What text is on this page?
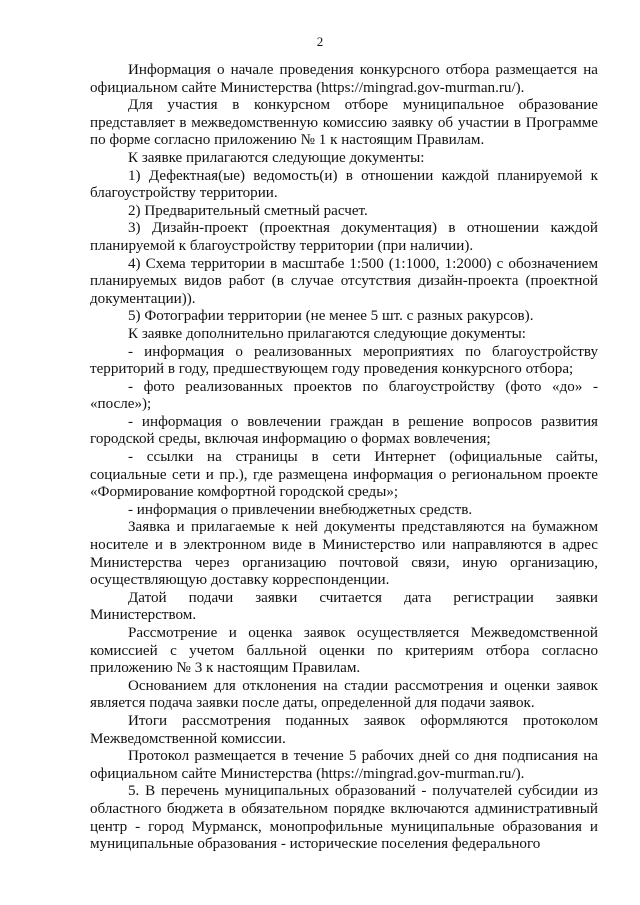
2

Информация о начале проведения конкурсного отбора размещается на официальном сайте Министерства (https://mingrad.gov-murman.ru/).

Для участия в конкурсном отборе муниципальное образование представляет в межведомственную комиссию заявку об участии в Программе по форме согласно приложению № 1 к настоящим Правилам.

К заявке прилагаются следующие документы:

1) Дефектная(ые) ведомость(и) в отношении каждой планируемой к благоустройству территории.

2) Предварительный сметный расчет.

3) Дизайн-проект (проектная документация) в отношении каждой планируемой к благоустройству территории (при наличии).

4) Схема территории в масштабе 1:500 (1:1000, 1:2000) с обозначением планируемых видов работ (в случае отсутствия дизайн-проекта (проектной документации)).

5) Фотографии территории (не менее 5 шт. с разных ракурсов).

К заявке дополнительно прилагаются следующие документы:

- информация о реализованных мероприятиях по благоустройству территорий в году, предшествующем году проведения конкурсного отбора;

- фото реализованных проектов по благоустройству (фото «до» - «после»);

- информация о вовлечении граждан в решение вопросов развития городской среды, включая информацию о формах вовлечения;

- ссылки на страницы в сети Интернет (официальные сайты, социальные сети и пр.), где размещена информация о региональном проекте «Формирование комфортной городской среды»;

- информация о привлечении внебюджетных средств.

Заявка и прилагаемые к ней документы представляются на бумажном носителе и в электронном виде в Министерство или направляются в адрес Министерства через организацию почтовой связи, иную организацию, осуществляющую доставку корреспонденции.

Датой подачи заявки считается дата регистрации заявки Министерством.

Рассмотрение и оценка заявок осуществляется Межведомственной комиссией с учетом балльной оценки по критериям отбора согласно приложению № 3 к настоящим Правилам.

Основанием для отклонения на стадии рассмотрения и оценки заявок является подача заявки после даты, определенной для подачи заявок.

Итоги рассмотрения поданных заявок оформляются протоколом Межведомственной комиссии.

Протокол размещается в течение 5 рабочих дней со дня подписания на официальном сайте Министерства (https://mingrad.gov-murman.ru/).

5. В перечень муниципальных образований - получателей субсидии из областного бюджета в обязательном порядке включаются административный центр - город Мурманск, монопрофильные муниципальные образования и муниципальные образования - исторические поселения федерального
